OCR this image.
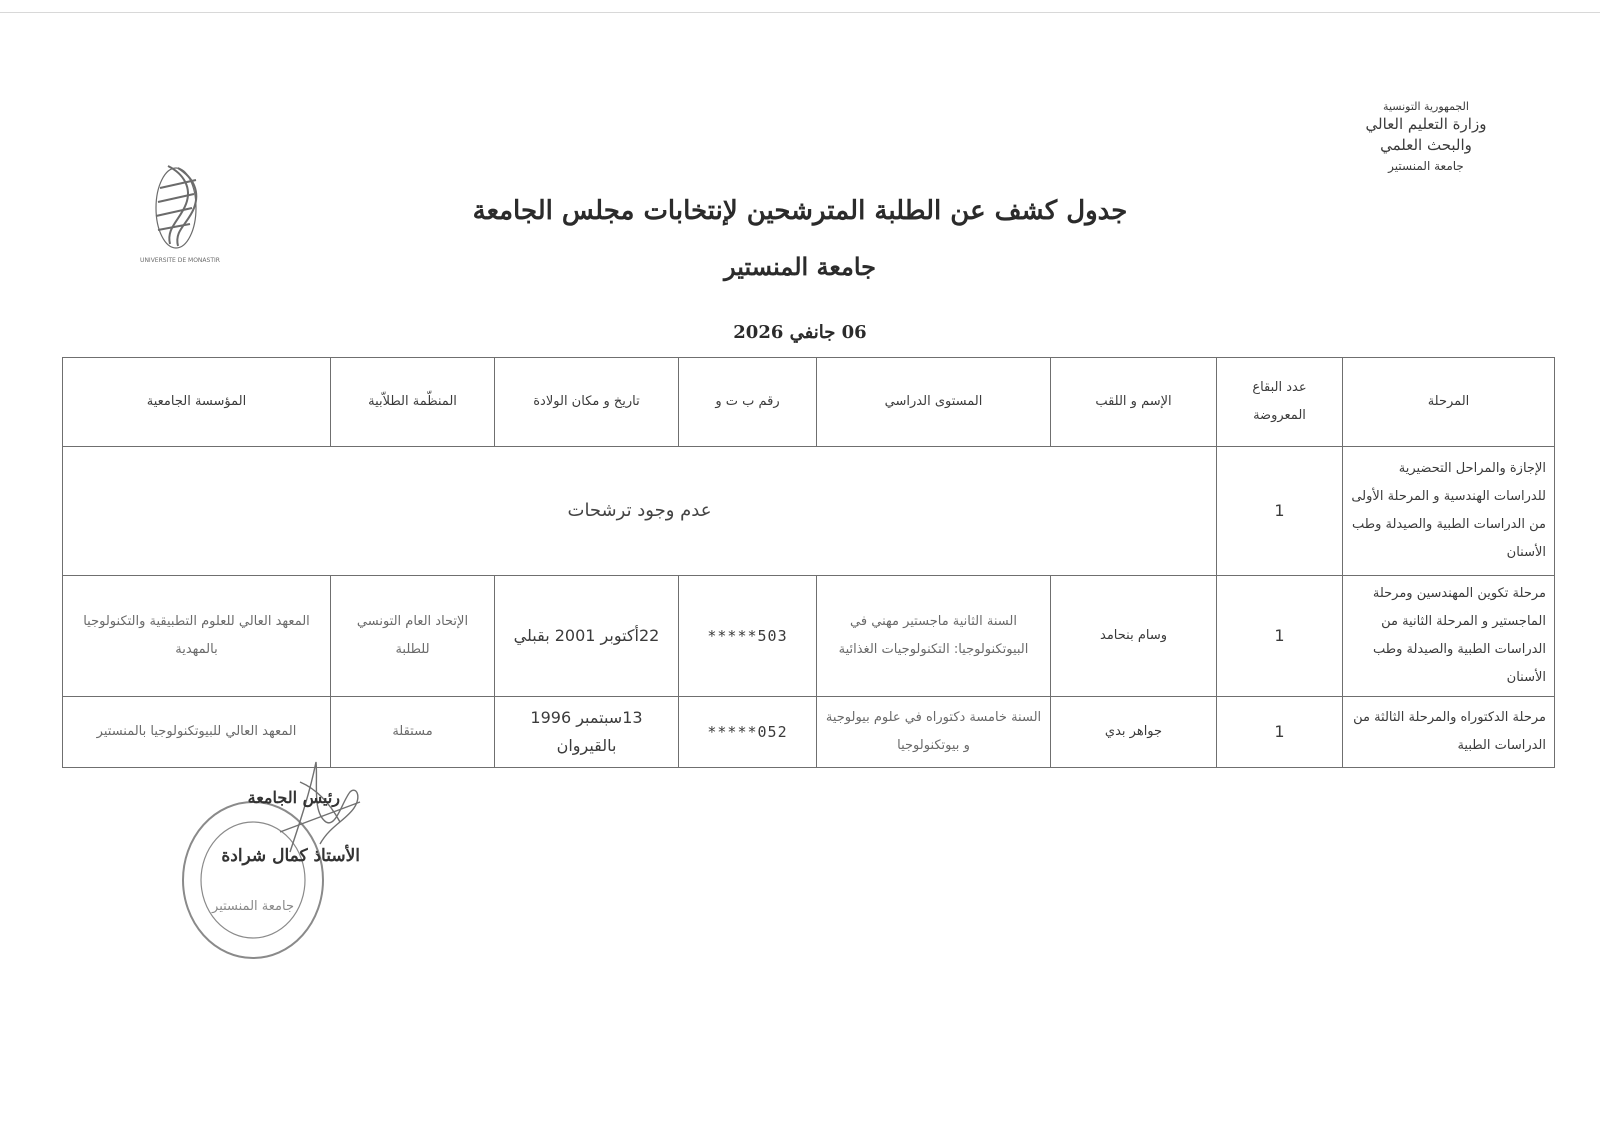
الجمهورية التونسية
وزارة التعليم العالي
والبحث العلمي
جامعة المنستير
UNIVERSITE DE MONASTIR
جدول كشف عن الطلبة المترشحين لإنتخابات مجلس الجامعة
جامعة المنستير
06 جانفي 2026
المرحلة	عدد البقاع المعروضة	الإسم و اللقب	المستوى الدراسي	رقم ب ت و	تاريخ و مكان الولادة	المنظّمة الطلاّبية	المؤسسة الجامعية
الإجازة والمراحل التحضيرية للدراسات الهندسية و المرحلة الأولى من الدراسات الطبية والصيدلة وطب الأسنان	1	عدم وجود ترشحات					
مرحلة تكوين المهندسين ومرحلة الماجستير و المرحلة الثانية من الدراسات الطبية والصيدلة وطب الأسنان	1	وسام بنحامد	السنة الثانية ماجستير مهني في البيوتكنولوجيا: التكنولوجيات الغذائية	503*****	22أكتوبر 2001 بقبلي	الإتحاد العام التونسي للطلبة	المعهد العالي للعلوم التطبيقية والتكنولوجيا بالمهدية
مرحلة الدكتوراه والمرحلة الثالثة من الدراسات الطبية	1	جواهر بدي	السنة خامسة دكتوراه في علوم بيولوجية و بيوتكنولوجيا	052*****	13سبتمبر 1996 بالقيروان	مستقلة	المعهد العالي للبيوتكنولوجيا بالمنستير
جامعة المنستير
رئيس الجامعة
الأستاذ كمال شرادة
